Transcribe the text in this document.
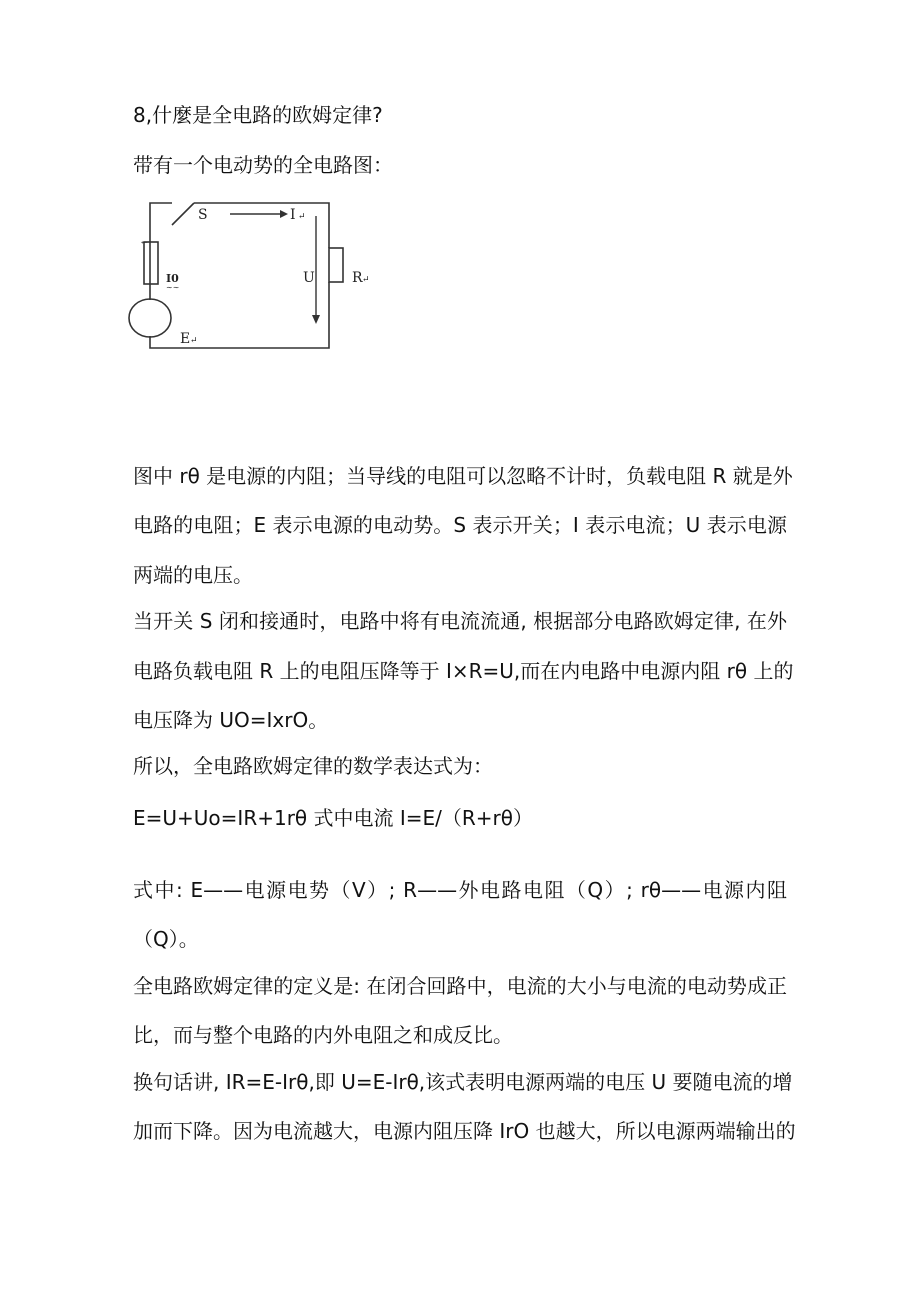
8,什麼是全电路的欧姆定律?
带有一个电动势的全电路图：
S	I ↵
U	R ↵
I0
∼∼
E ↵
←
图中 rθ 是电源的内阻；当导线的电阻可以忽略不计时，负载电阻 R 就是外
电路的电阻；E 表示电源的电动势。S 表示开关；I 表示电流；U 表示电源
两端的电压。
当开关 S 闭和接通时，电路中将有电流流通, 根据部分电路欧姆定律, 在外
电路负载电阻 R 上的电阻压降等于 I×R=U,而在内电路中电源内阻 rθ 上的
电压降为 UO=IxrO。
所以，全电路欧姆定律的数学表达式为：
E=U+Uo=IR+1rθ 式中电流 I=E/（R+rθ）
式中: E——电源电势（V）; R——外电路电阻（Q）; rθ——电源内阻
（Q）。
全电路欧姆定律的定义是: 在闭合回路中，电流的大小与电流的电动势成正
比，而与整个电路的内外电阻之和成反比。
换句话讲, IR=E-Irθ,即 U=E-Irθ,该式表明电源两端的电压 U 要随电流的增
加而下降。因为电流越大，电源内阻压降 IrO 也越大，所以电源两端输出的
